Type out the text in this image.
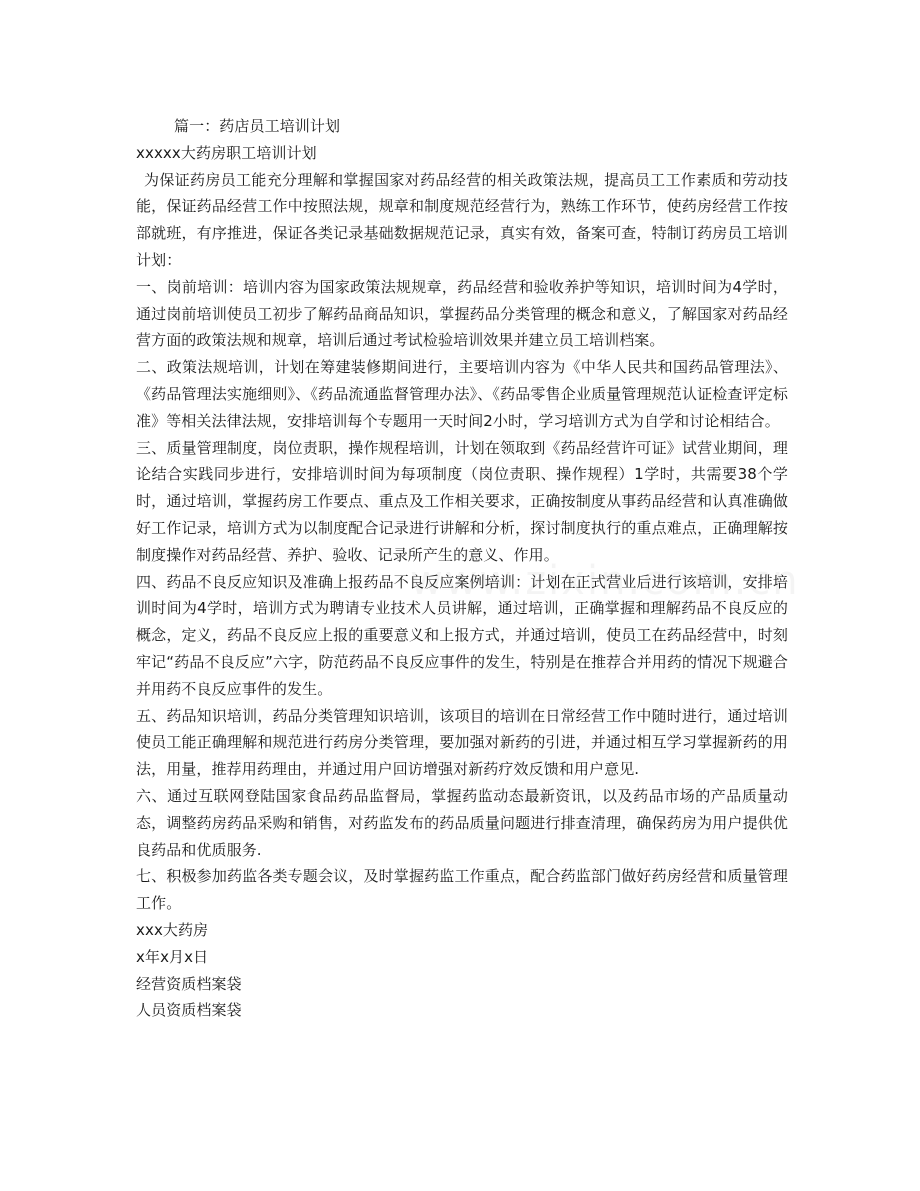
篇一：药店员工培训计划

xxxxx大药房职工培训计划

为保证药房员工能充分理解和掌握国家对药品经营的相关政策法规，提高员工工作素质和劳动技能，保证药品经营工作中按照法规，规章和制度规范经营行为，熟练工作环节，使药房经营工作按部就班，有序推进，保证各类记录基础数据规范记录，真实有效，备案可查，特制订药房员工培训计划：

一、岗前培训：培训内容为国家政策法规规章，药品经营和验收养护等知识，培训时间为4学时，通过岗前培训使员工初步了解药品商品知识，掌握药品分类管理的概念和意义，了解国家对药品经营方面的政策法规和规章，培训后通过考试检验培训效果并建立员工培训档案。

二、政策法规培训，计划在筹建装修期间进行，主要培训内容为《中华人民共和国药品管理法》、《药品管理法实施细则》、《药品流通监督管理办法》、《药品零售企业质量管理规范认证检查评定标准》等相关法律法规，安排培训每个专题用一天时间2小时，学习培训方式为自学和讨论相结合。

三、质量管理制度，岗位责职，操作规程培训，计划在领取到《药品经营许可证》试营业期间，理论结合实践同步进行，安排培训时间为每项制度（岗位责职、操作规程）1学时，共需要38个学时，通过培训，掌握药房工作要点、重点及工作相关要求，正确按制度从事药品经营和认真准确做好工作记录，培训方式为以制度配合记录进行讲解和分析，探讨制度执行的重点难点，正确理解按制度操作对药品经营、养护、验收、记录所产生的意义、作用。

四、药品不良反应知识及准确上报药品不良反应案例培训：计划在正式营业后进行该培训，安排培训时间为4学时，培训方式为聘请专业技术人员讲解，通过培训，正确掌握和理解药品不良反应的概念，定义，药品不良反应上报的重要意义和上报方式，并通过培训，使员工在药品经营中，时刻牢记“药品不良反应”六字，防范药品不良反应事件的发生，特别是在推荐合并用药的情况下规避合并用药不良反应事件的发生。

五、药品知识培训，药品分类管理知识培训，该项目的培训在日常经营工作中随时进行，通过培训使员工能正确理解和规范进行药房分类管理，要加强对新药的引进，并通过相互学习掌握新药的用法，用量，推荐用药理由，并通过用户回访增强对新药疗效反馈和用户意见.

六、通过互联网登陆国家食品药品监督局，掌握药监动态最新资讯，以及药品市场的产品质量动态，调整药房药品采购和销售，对药监发布的药品质量问题进行排查清理，确保药房为用户提供优良药品和优质服务.

七、积极参加药监各类专题会议，及时掌握药监工作重点，配合药监部门做好药房经营和质量管理工作。

xxx大药房

x年x月x日

经营资质档案袋

人员资质档案袋
